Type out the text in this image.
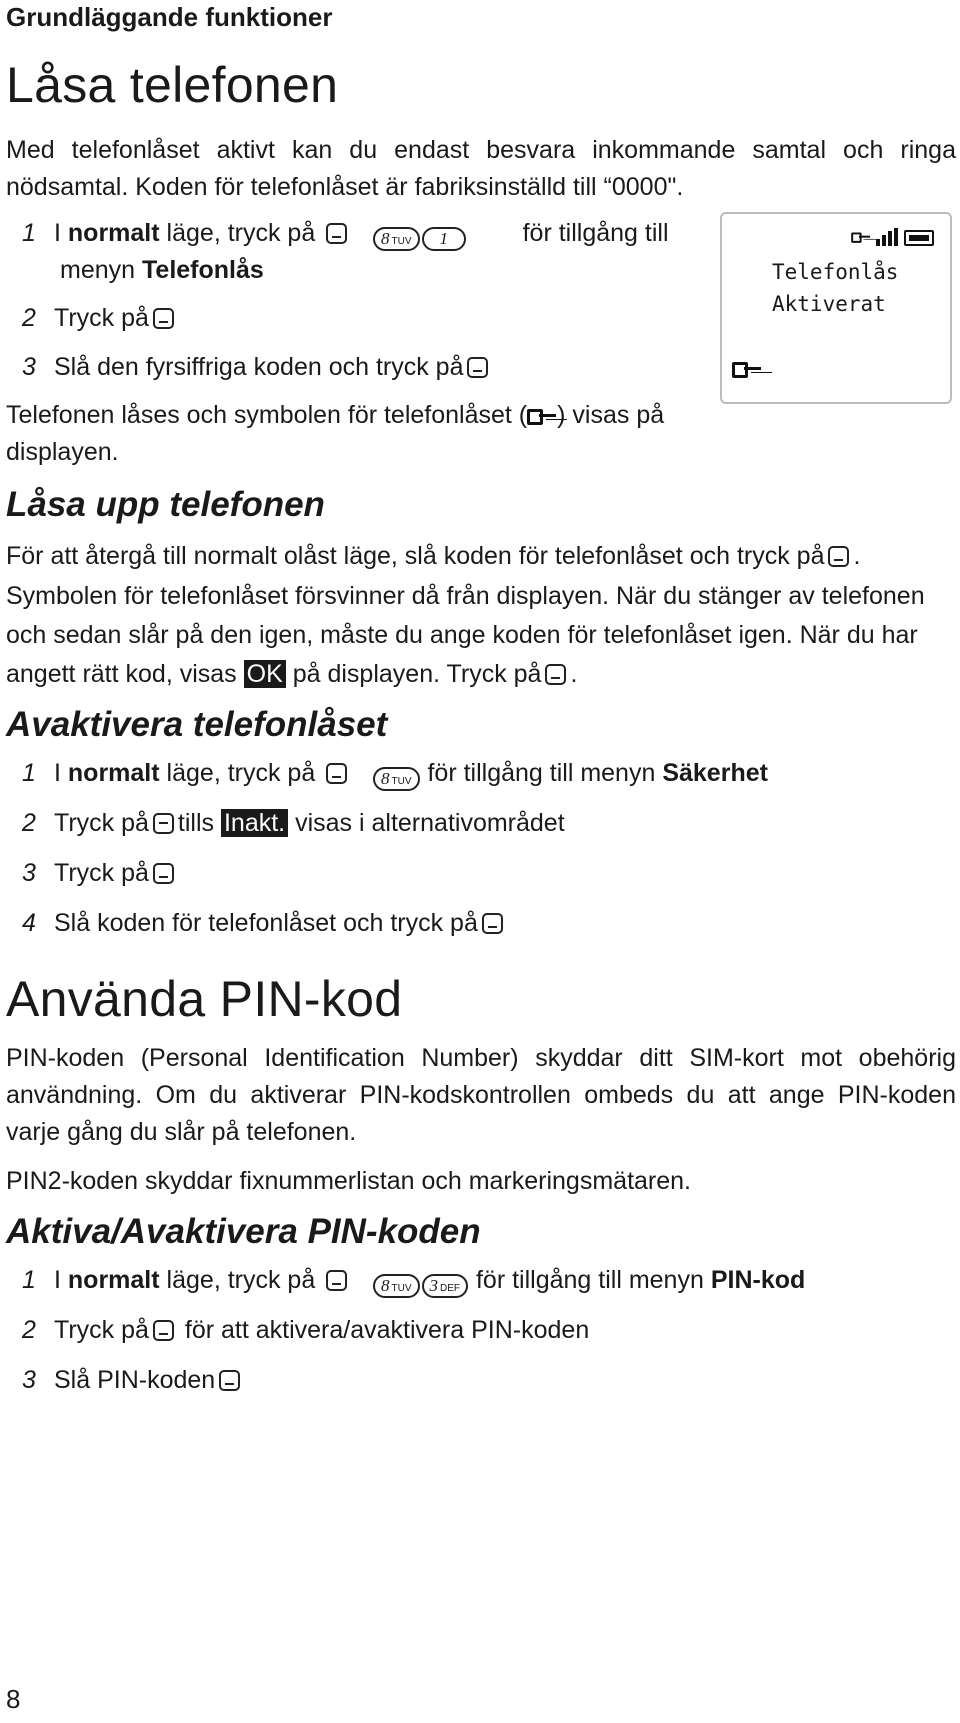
Grundläggande funktioner
Låsa telefonen
Med telefonlåset aktivt kan du endast besvara inkommande samtal och ringa nödsamtal. Koden för telefonlåset är fabriksinställd till “0000".
1 I normalt läge, tryck på	8 TUV 1	för tillgång till
menyn Telefonlås
2 Tryck på
3 Slå den fyrsiffriga koden och tryck på
Telefonen låses och symbolen för telefonlåset ( ) visas på
displayen.

Telefonlås
Aktiverat
Låsa upp telefonen
För att återgå till normalt olåst läge, slå koden för telefonlåset och tryck på .
Symbolen för telefonlåset försvinner då från displayen. När du stänger av telefonen
och sedan slår på den igen, måste du ange koden för telefonlåset igen. När du har
angett rätt kod, visas OK på displayen. Tryck på .
Avaktivera telefonlåset
1 I normalt läge, tryck på	8 TUV för tillgång till menyn Säkerhet
2 Tryck på tills Inakt. visas i alternativområdet
3 Tryck på
4 Slå koden för telefonlåset och tryck på
Använda PIN-kod
PIN-koden (Personal Identification Number) skyddar ditt SIM-kort mot obehörig användning. Om du aktiverar PIN-kodskontrollen ombeds du att ange PIN-koden varje gång du slår på telefonen.
PIN2-koden skyddar fixnummerlistan och markeringsmätaren.
Aktiva/Avaktivera PIN-koden
1 I normalt läge, tryck på	8 TUV 3 DEF för tillgång till menyn PIN-kod
2 Tryck på för att aktivera/avaktivera PIN-koden
3 Slå PIN-koden
8
